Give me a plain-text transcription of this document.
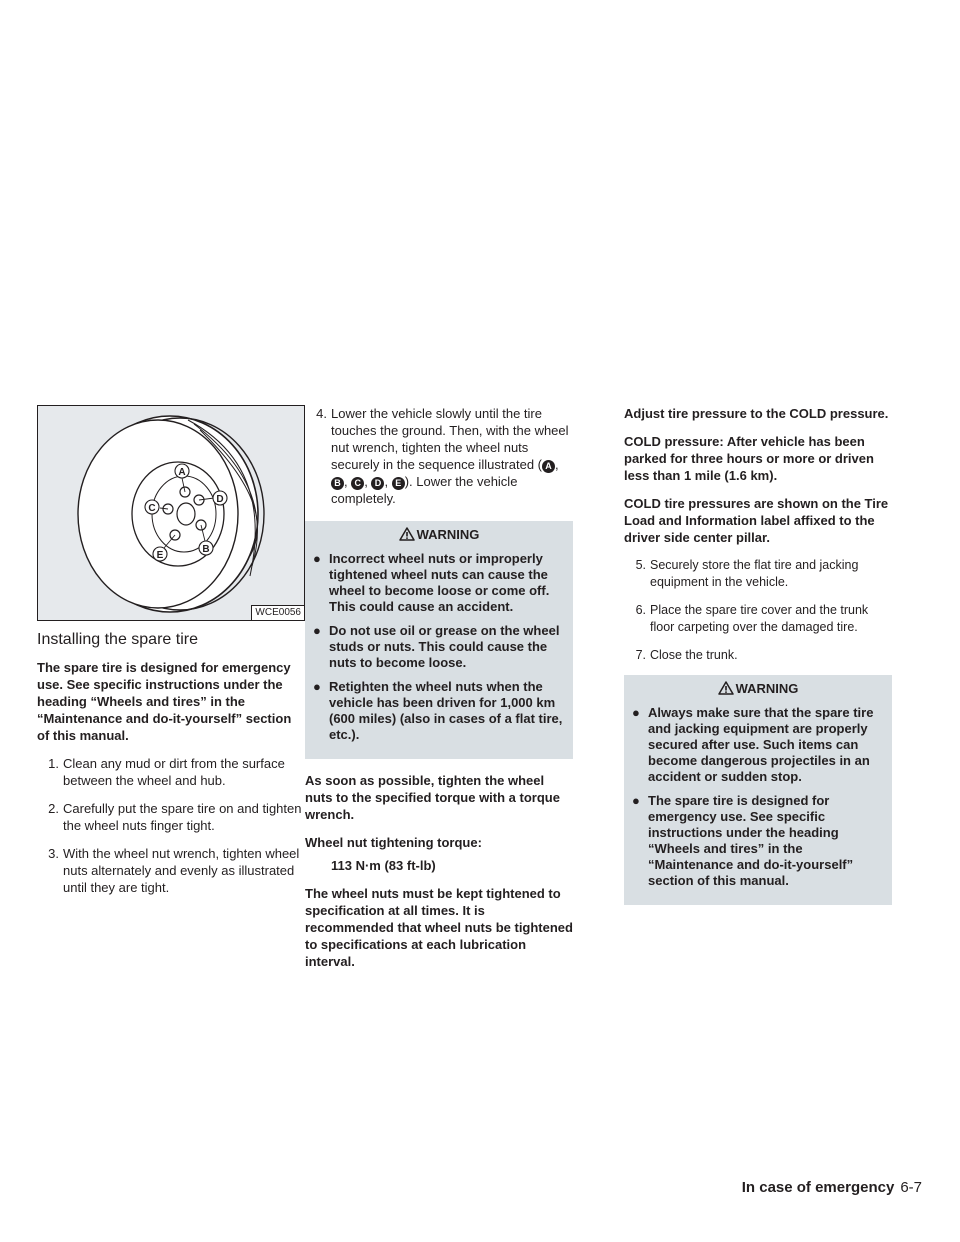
A
B
C
D
E
WCE0056
Installing the spare tire

The spare tire is designed for emergency use. See specific instructions under the heading “Wheels and tires” in the “Maintenance and do-it-yourself” section of this manual.

1. Clean any mud or dirt from the surface between the wheel and hub.
2. Carefully put the spare tire on and tighten the wheel nuts finger tight.
3. With the wheel nut wrench, tighten wheel nuts alternately and evenly as illustrated until they are tight.
4. Lower the vehicle slowly until the tire touches the ground. Then, with the wheel nut wrench, tighten the wheel nuts securely in the sequence illustrated ( A , B , C , D , E ). Lower the vehicle completely.
WARNING
● Incorrect wheel nuts or improperly tightened wheel nuts can cause the wheel to become loose or come off. This could cause an accident.
● Do not use oil or grease on the wheel studs or nuts. This could cause the nuts to become loose.
● Retighten the wheel nuts when the vehicle has been driven for 1,000 km (600 miles) (also in cases of a flat tire, etc.).

As soon as possible, tighten the wheel nuts to the specified torque with a torque wrench.

Wheel nut tightening torque:

113 N·m (83 ft-lb)

The wheel nuts must be kept tightened to specification at all times. It is recommended that wheel nuts be tightened to specifications at each lubrication interval.

Adjust tire pressure to the COLD pressure.

COLD pressure: After vehicle has been parked for three hours or more or driven less than 1 mile (1.6 km).

COLD tire pressures are shown on the Tire Load and Information label affixed to the driver side center pillar.

5. Securely store the flat tire and jacking equipment in the vehicle.
6. Place the spare tire cover and the trunk floor carpeting over the damaged tire.
7. Close the trunk.
WARNING
● Always make sure that the spare tire and jacking equipment are properly secured after use. Such items can become dangerous projectiles in an accident or sudden stop.
● The spare tire is designed for emergency use. See specific instructions under the heading “Wheels and tires” in the “Maintenance and do-it-yourself” section of this manual.
In case of emergency 6-7
